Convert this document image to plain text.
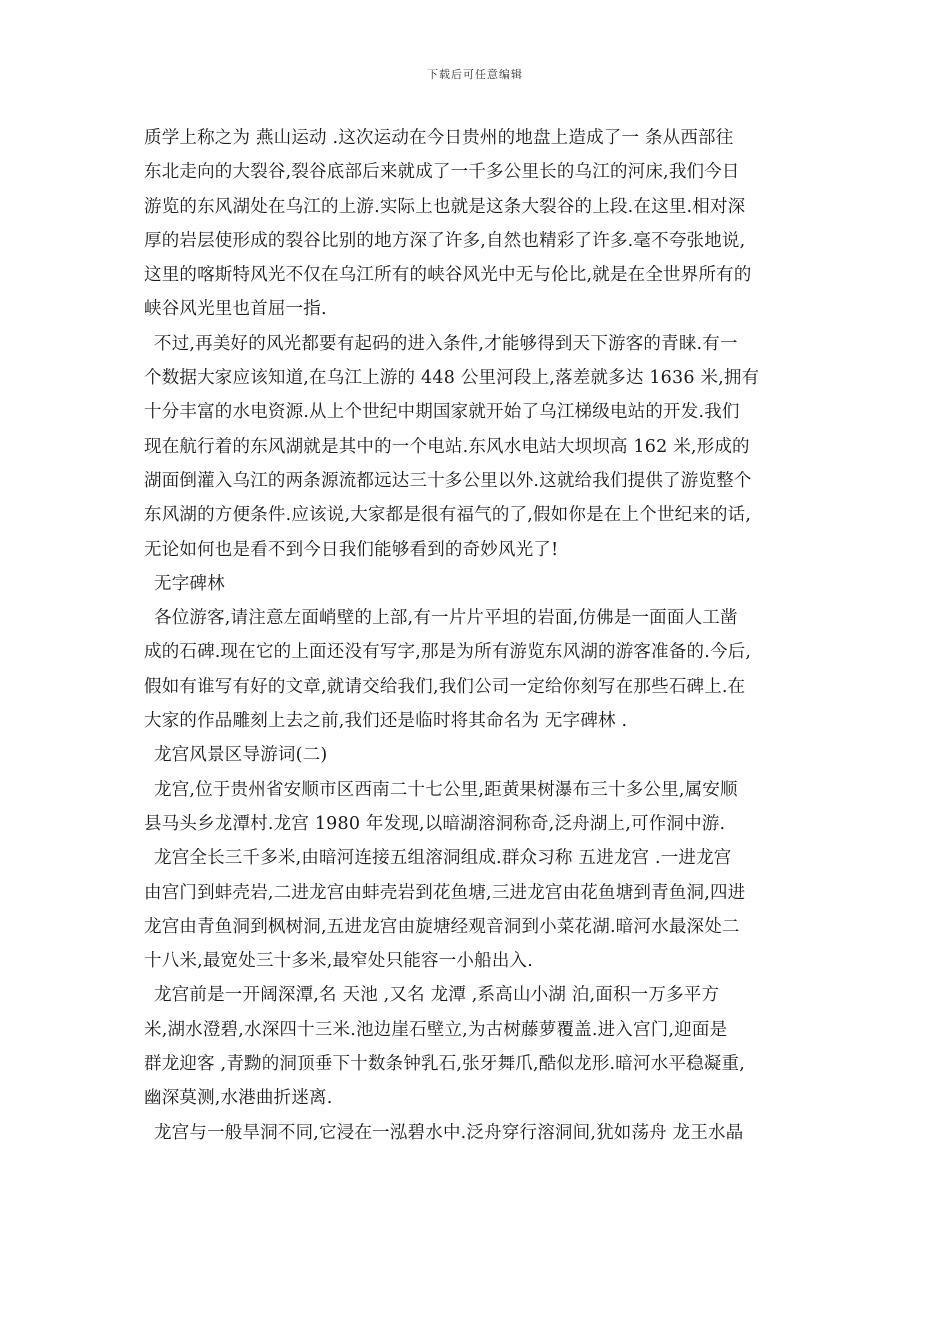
下载后可任意编辑
质学上称之为 燕山运动 .这次运动在今日贵州的地盘上造成了一 条从西部往
东北走向的大裂谷,裂谷底部后来就成了一千多公里长的乌江的河床,我们今日
游览的东风湖处在乌江的上游.实际上也就是这条大裂谷的上段.在这里.相对深
厚的岩层使形成的裂谷比别的地方深了许多,自然也精彩了许多.毫不夸张地说,
这里的喀斯特风光不仅在乌江所有的峡谷风光中无与伦比,就是在全世界所有的
峡谷风光里也首屈一指.
不过,再美好的风光都要有起码的进入条件,才能够得到天下游客的青睐.有一
个数据大家应该知道,在乌江上游的 448 公里河段上,落差就多达 1636 米,拥有
十分丰富的水电资源.从上个世纪中期国家就开始了乌江梯级电站的开发.我们
现在航行着的东风湖就是其中的一个电站.东风水电站大坝坝高 162 米,形成的
湖面倒灌入乌江的两条源流都远达三十多公里以外.这就给我们提供了游览整个
东风湖的方便条件.应该说,大家都是很有福气的了,假如你是在上个世纪来的话,
无论如何也是看不到今日我们能够看到的奇妙风光了!
无字碑林
各位游客,请注意左面峭壁的上部,有一片片平坦的岩面,仿佛是一面面人工凿
成的石碑.现在它的上面还没有写字,那是为所有游览东风湖的游客准备的.今后,
假如有谁写有好的文章,就请交给我们,我们公司一定给你刻写在那些石碑上.在
大家的作品雕刻上去之前,我们还是临时将其命名为 无字碑林 .
龙宫风景区导游词(二)
龙宫,位于贵州省安顺市区西南二十七公里,距黄果树瀑布三十多公里,属安顺
县马头乡龙潭村.龙宫 1980 年发现,以暗湖溶洞称奇,泛舟湖上,可作洞中游.
龙宫全长三千多米,由暗河连接五组溶洞组成.群众习称 五进龙宫 .一进龙宫
由宫门到蚌壳岩,二进龙宫由蚌壳岩到花鱼塘,三进龙宫由花鱼塘到青鱼洞,四进
龙宫由青鱼洞到枫树洞,五进龙宫由旋塘经观音洞到小菜花湖.暗河水最深处二
十八米,最宽处三十多米,最窄处只能容一小船出入.
龙宫前是一开阔深潭,名 天池 ,又名 龙潭 ,系高山小湖 泊,面积一万多平方
米,湖水澄碧,水深四十三米.池边崖石壁立,为古树藤萝覆盖.进入宫门,迎面是
群龙迎客 ,青黝的洞顶垂下十数条钟乳石,张牙舞爪,酷似龙形.暗河水平稳凝重,
幽深莫测,水港曲折迷离.
龙宫与一般旱洞不同,它浸在一泓碧水中.泛舟穿行溶洞间,犹如荡舟 龙王水晶
